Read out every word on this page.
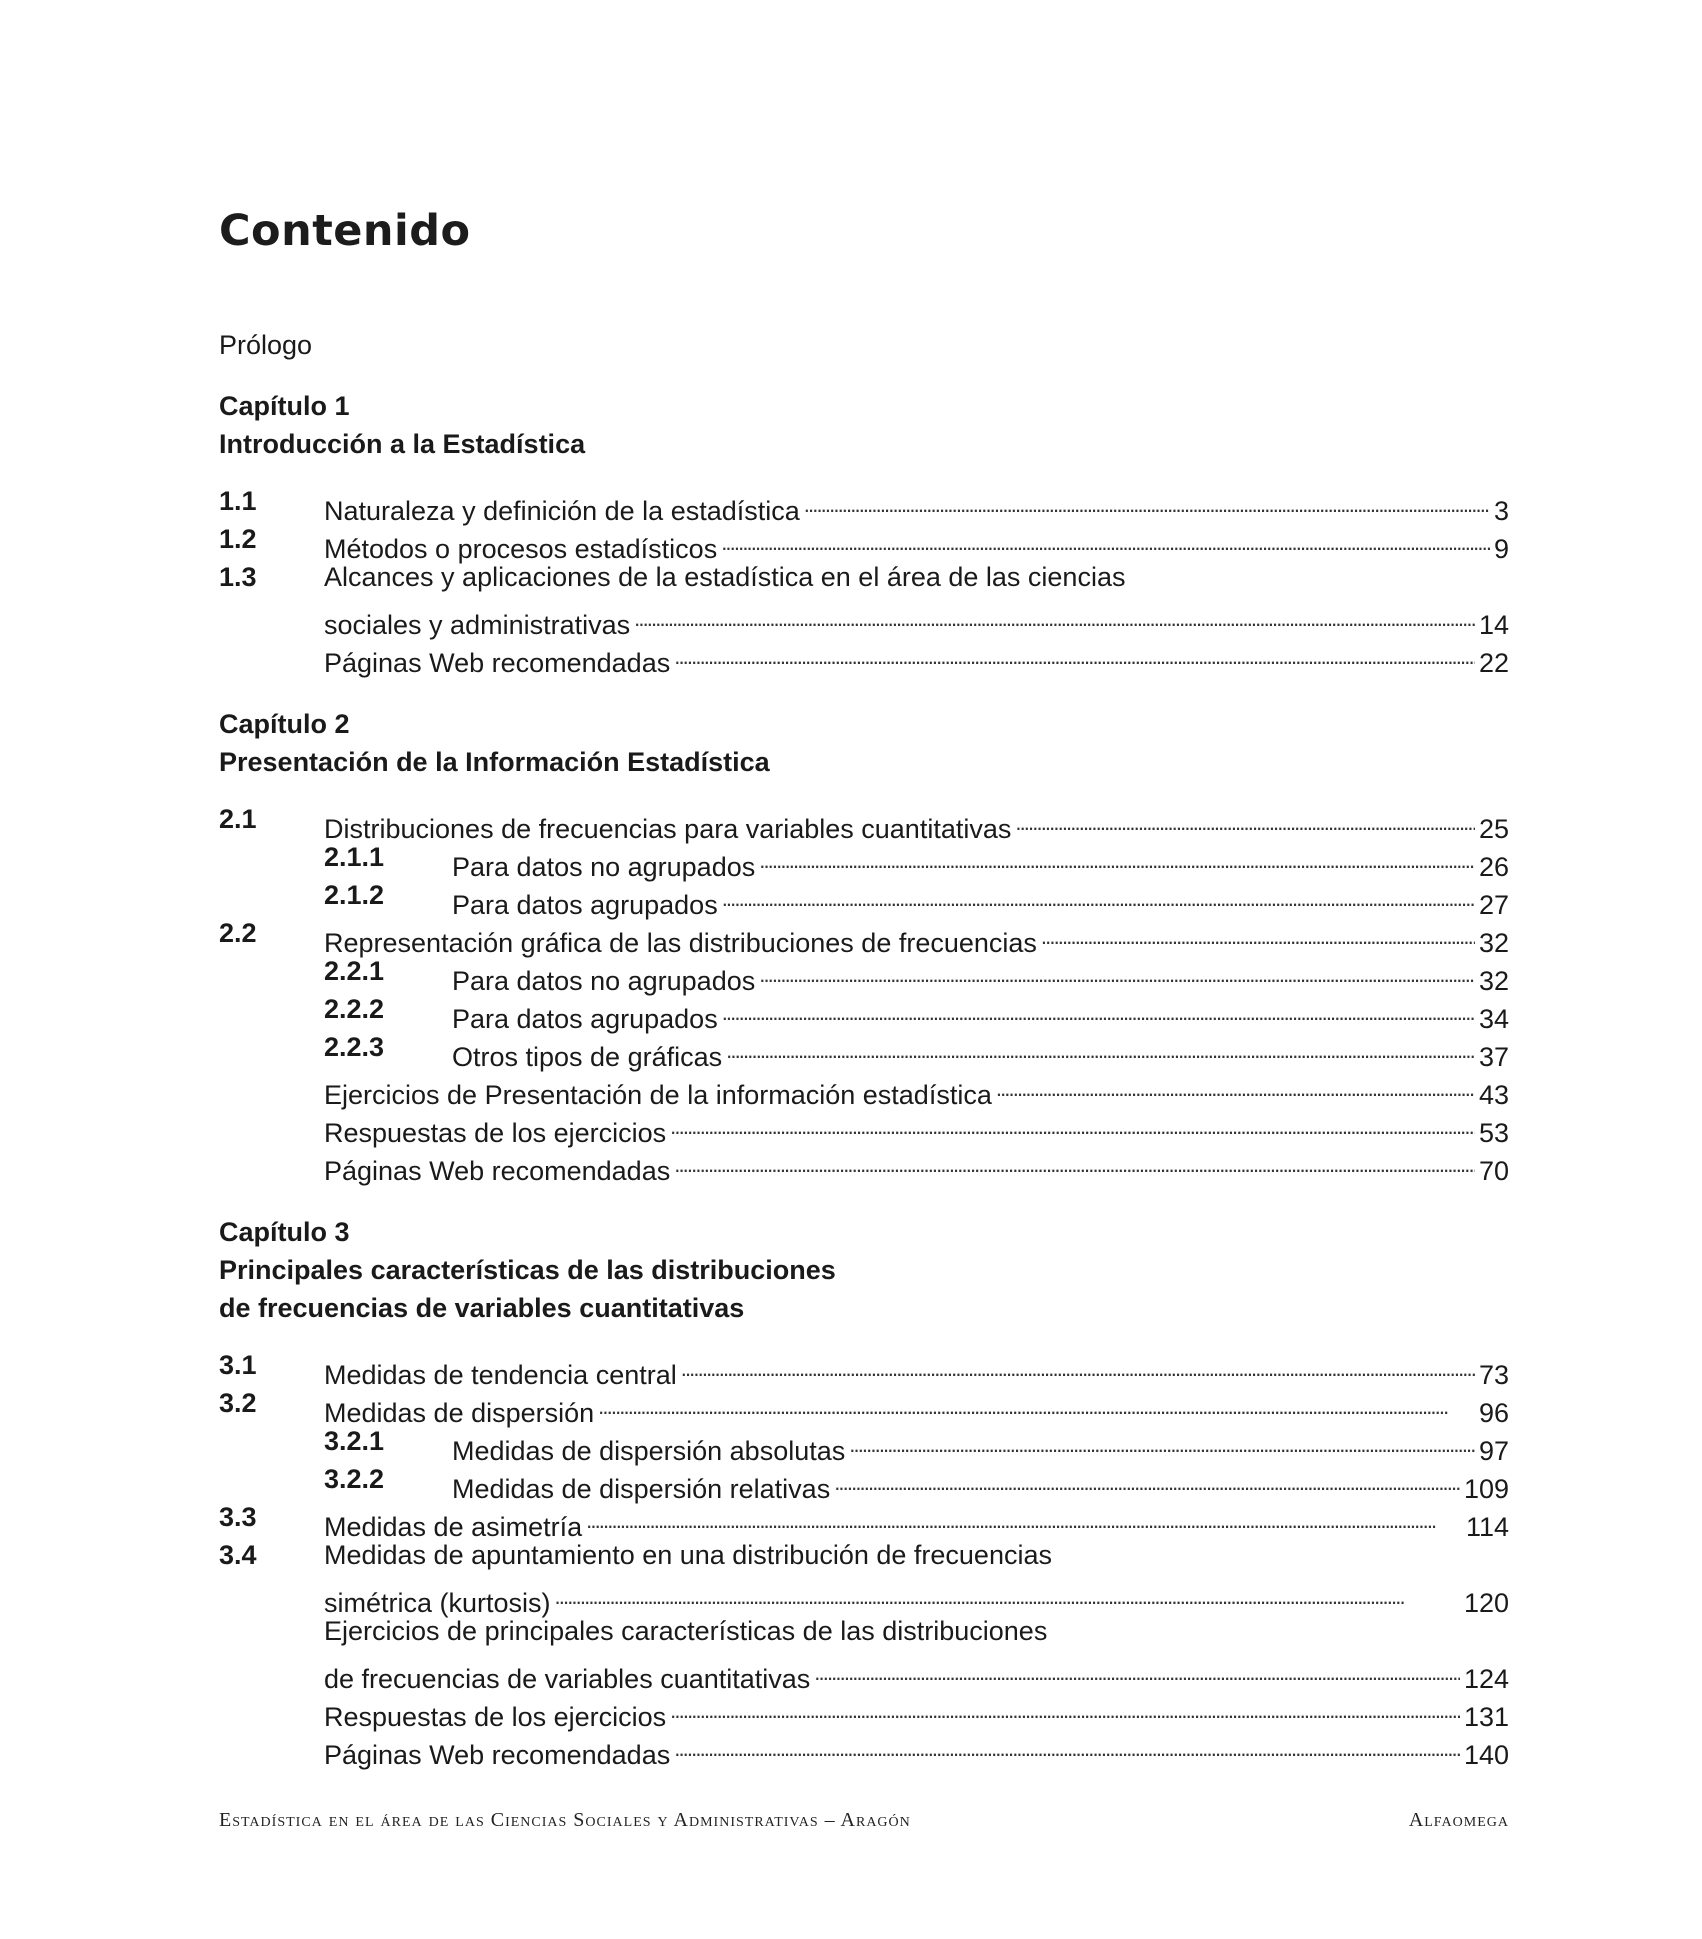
Contenido
Prólogo
Capítulo 1
Introducción a la Estadística
1.1 Naturaleza y definición de la estadística . . .	3
1.2 Métodos o procesos estadísticos . . .	9
1.3 Alcances y aplicaciones de la estadística en el área de las ciencias
sociales y administrativas . . .	14
Páginas Web recomendadas . . .	22
Capítulo 2
Presentación de la Información Estadística
2.1 Distribuciones de frecuencias para variables cuantitativas . . .	25
2.1.1	Para datos no agrupados . . .	26
2.1.2	Para datos agrupados . . .	27
2.2 Representación gráfica de las distribuciones de frecuencias . . .	32
2.2.1	Para datos no agrupados . . .	32
2.2.2	Para datos agrupados . . .	34
2.2.3	Otros tipos de gráficas . . .	37
Ejercicios de Presentación de la información estadística . . .	43
Respuestas de los ejercicios . . .	53
Páginas Web recomendadas . . .	70
Capítulo 3
Principales características de las distribuciones
de frecuencias de variables cuantitativas
3.1 Medidas de tendencia central . . .	73
3.2 Medidas de dispersión . . .	96
3.2.1	Medidas de dispersión absolutas . . .	97
3.2.2	Medidas de dispersión relativas . . .	109
3.3 Medidas de asimetría . . .	114
3.4 Medidas de apuntamiento en una distribución de frecuencias
simétrica (kurtosis) . . .	120
Ejercicios de principales características de las distribuciones
de frecuencias de variables cuantitativas . . .	124
Respuestas de los ejercicios . . .	131
Páginas Web recomendadas . . .	140
Estadística en el área de las Ciencias Sociales y Administrativas – Aragón	Alfaomega
